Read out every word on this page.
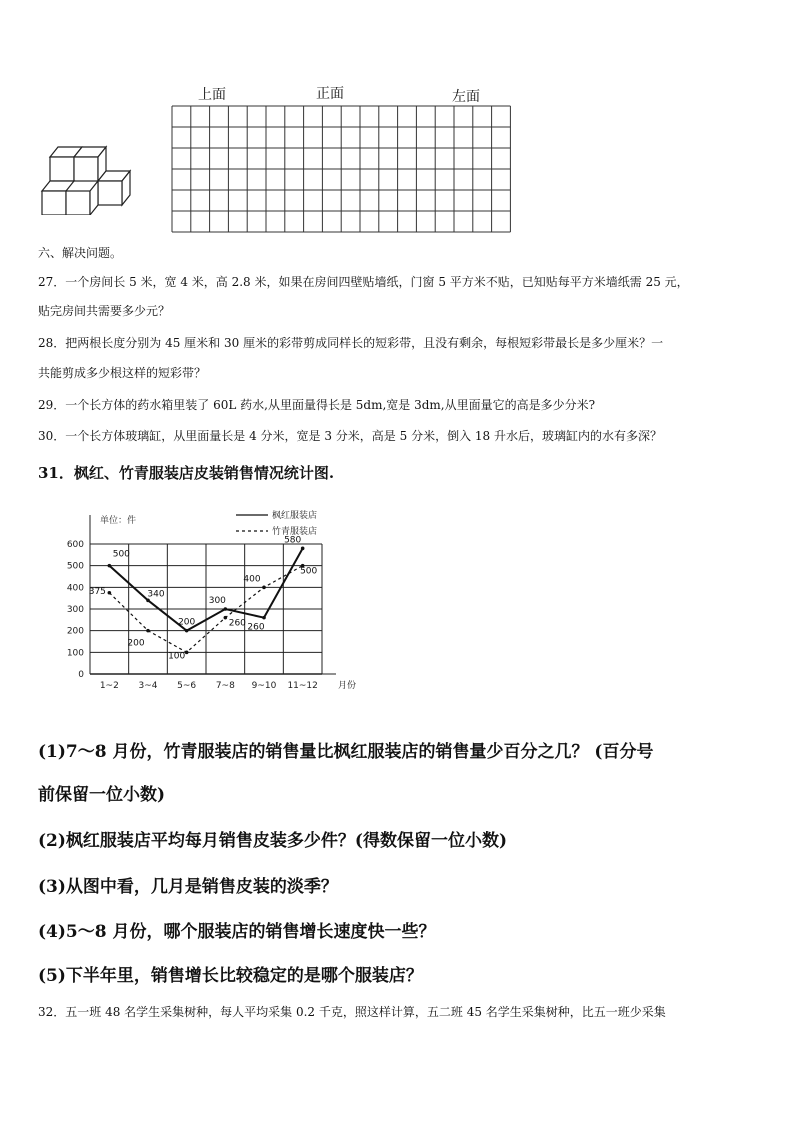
上面	正面	左面
六、解决问题。
27．一个房间长 5 米，宽 4 米，高 2.8 米，如果在房间四壁贴墙纸，门窗 5 平方米不贴，已知贴每平方米墙纸需 25 元，
贴完房间共需要多少元？
28．把两根长度分别为 45 厘米和 30 厘米的彩带剪成同样长的短彩带，且没有剩余，每根短彩带最长是多少厘米？一
共能剪成多少根这样的短彩带？
29．一个长方体的药水箱里装了 60L 药水,从里面量得长是 5dm,宽是 3dm,从里面量它的高是多少分米?
30．一个长方体玻璃缸，从里面量长是 4 分米，宽是 3 分米，高是 5 分米，倒入 18 升水后，玻璃缸内的水有多深？
31．枫红、竹青服装店皮装销售情况统计图.
单位：件
0
100
200
300
400
500
600
1~2 3~4 5~6 7~8 9~10 11~12 月份
枫红服装店
竹青服装店
500
340
200
300
260
580
375
200
100
260
400
500
(1)7～8 月份，竹青服装店的销售量比枫红服装店的销售量少百分之几？ (百分号
前保留一位小数)
(2)枫红服装店平均每月销售皮装多少件？(得数保留一位小数)
(3)从图中看，几月是销售皮装的淡季？
(4)5～8 月份，哪个服装店的销售增长速度快一些？
(5)下半年里，销售增长比较稳定的是哪个服装店？
32．五一班 48 名学生采集树种，每人平均采集 0.2 千克，照这样计算，五二班 45 名学生采集树种，比五一班少采集
